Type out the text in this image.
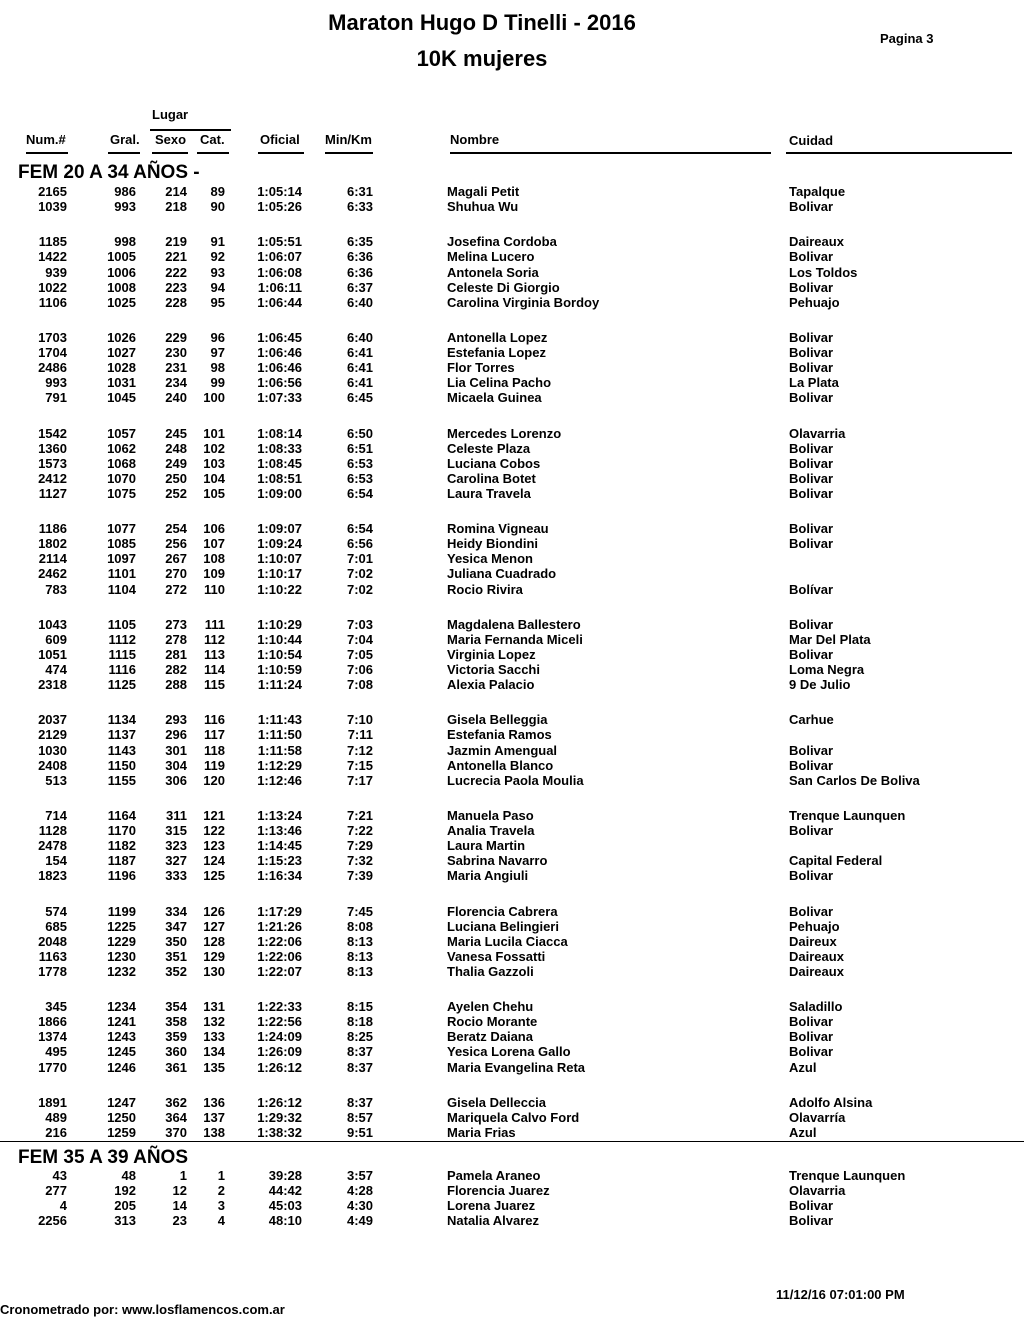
Maraton Hugo D Tinelli - 2016
10K mujeres
Pagina 3
Lugar
Num.#	Gral. Sexo Cat.	Oficial Min/Km	Nombre	Cuidad
FEM 20 A 34 AÑOS -
2165	986 214 89 1:05:14	6:31	Magali Petit	Tapalque
1039	993 218 90 1:05:26	6:33	Shuhua Wu	Bolivar
1185	998 219 91 1:05:51	6:35	Josefina Cordoba	Daireaux
1422	1005 221 92 1:06:07	6:36	Melina Lucero	Bolivar
939	1006 222 93 1:06:08	6:36	Antonela Soria	Los Toldos
1022	1008 223 94	1:06:11	6:37	Celeste Di Giorgio	Bolivar
1106	1025 228 95 1:06:44	6:40	Carolina Virginia Bordoy	Pehuajo
1703	1026 229 96 1:06:45	6:40	Antonella Lopez	Bolivar
1704	1027 230 97 1:06:46	6:41	Estefania Lopez	Bolivar
2486	1028 231 98 1:06:46	6:41	Flor Torres	Bolivar
993	1031 234 99 1:06:56	6:41	Lia Celina Pacho	La Plata
791	1045 240 100 1:07:33	6:45	Micaela Guinea	Bolivar
1542	1057 245 101 1:08:14	6:50	Mercedes Lorenzo	Olavarria
1360	1062 248 102 1:08:33	6:51	Celeste Plaza	Bolivar
1573	1068 249 103 1:08:45	6:53	Luciana Cobos	Bolivar
2412	1070 250 104 1:08:51	6:53	Carolina Botet	Bolivar
1127	1075 252 105 1:09:00	6:54	Laura Travela	Bolivar
1186	1077 254 106 1:09:07	6:54	Romina Vigneau	Bolivar
1802	1085 256 107 1:09:24	6:56	Heidy Biondini	Bolivar
2114	1097 267 108 1:10:07	7:01	Yesica Menon
2462	1101 270 109 1:10:17	7:02	Juliana Cuadrado
783	1104 272 110 1:10:22	7:02	Rocio Rivira	Bolívar
1043	1105 273 111 1:10:29	7:03	Magdalena Ballestero	Bolivar
609	1112 278 112 1:10:44	7:04	Maria Fernanda Miceli	Mar Del Plata
1051	1115 281 113 1:10:54	7:05	Virginia Lopez	Bolivar
474	1116 282 114 1:10:59	7:06	Victoria Sacchi	Loma Negra
2318	1125 288 115	1:11:24	7:08	Alexia Palacio	9 De Julio
2037	1134 293 116	1:11:43	7:10	Gisela Belleggia	Carhue
2129	1137 296 117	1:11:50	7:11	Estefania Ramos
1030	1143 301 118	1:11:58	7:12	Jazmin Amengual	Bolivar
2408	1150 304 119 1:12:29	7:15	Antonella Blanco	Bolivar
513	1155 306 120 1:12:46	7:17	Lucrecia Paola Moulia	San Carlos De Boliva
714	1164 311 121 1:13:24	7:21	Manuela Paso	Trenque Launquen
1128	1170 315 122 1:13:46	7:22	Analia Travela	Bolivar
2478	1182 323 123 1:14:45	7:29	Laura Martin
154	1187 327 124 1:15:23	7:32	Sabrina Navarro	Capital Federal
1823	1196 333 125 1:16:34	7:39	Maria Angiuli	Bolivar
574	1199 334 126 1:17:29	7:45	Florencia Cabrera	Bolivar
685	1225 347 127 1:21:26	8:08	Luciana Belingieri	Pehuajo
2048	1229 350 128 1:22:06	8:13	Maria Lucila Ciacca	Daireux
1163	1230 351 129 1:22:06	8:13	Vanesa Fossatti	Daireaux
1778	1232 352 130 1:22:07	8:13	Thalia Gazzoli	Daireaux
345	1234 354 131 1:22:33	8:15	Ayelen Chehu	Saladillo
1866	1241 358 132 1:22:56	8:18	Rocio Morante	Bolivar
1374	1243 359 133 1:24:09	8:25	Beratz Daiana	Bolivar
495	1245 360 134 1:26:09	8:37	Yesica Lorena Gallo	Bolivar
1770	1246 361 135 1:26:12	8:37	Maria Evangelina Reta	Azul
1891	1247 362 136 1:26:12	8:37	Gisela Delleccia	Adolfo Alsina
489	1250 364 137 1:29:32	8:57	Mariquela Calvo Ford	Olavarría
216	1259 370 138 1:38:32	9:51	Maria Frias	Azul
FEM 35 A 39 AÑOS
43	48	1 1	39:28	3:57	Pamela Araneo	Trenque Launquen
277	192	12 2	44:42	4:28	Florencia Juarez	Olavarria
4	205	14 3	45:03	4:30	Lorena Juarez	Bolivar
2256	313	23 4	48:10	4:49	Natalia Alvarez	Bolivar
11/12/16 07:01:00 PM
Cronometrado por: www.losflamencos.com.ar
